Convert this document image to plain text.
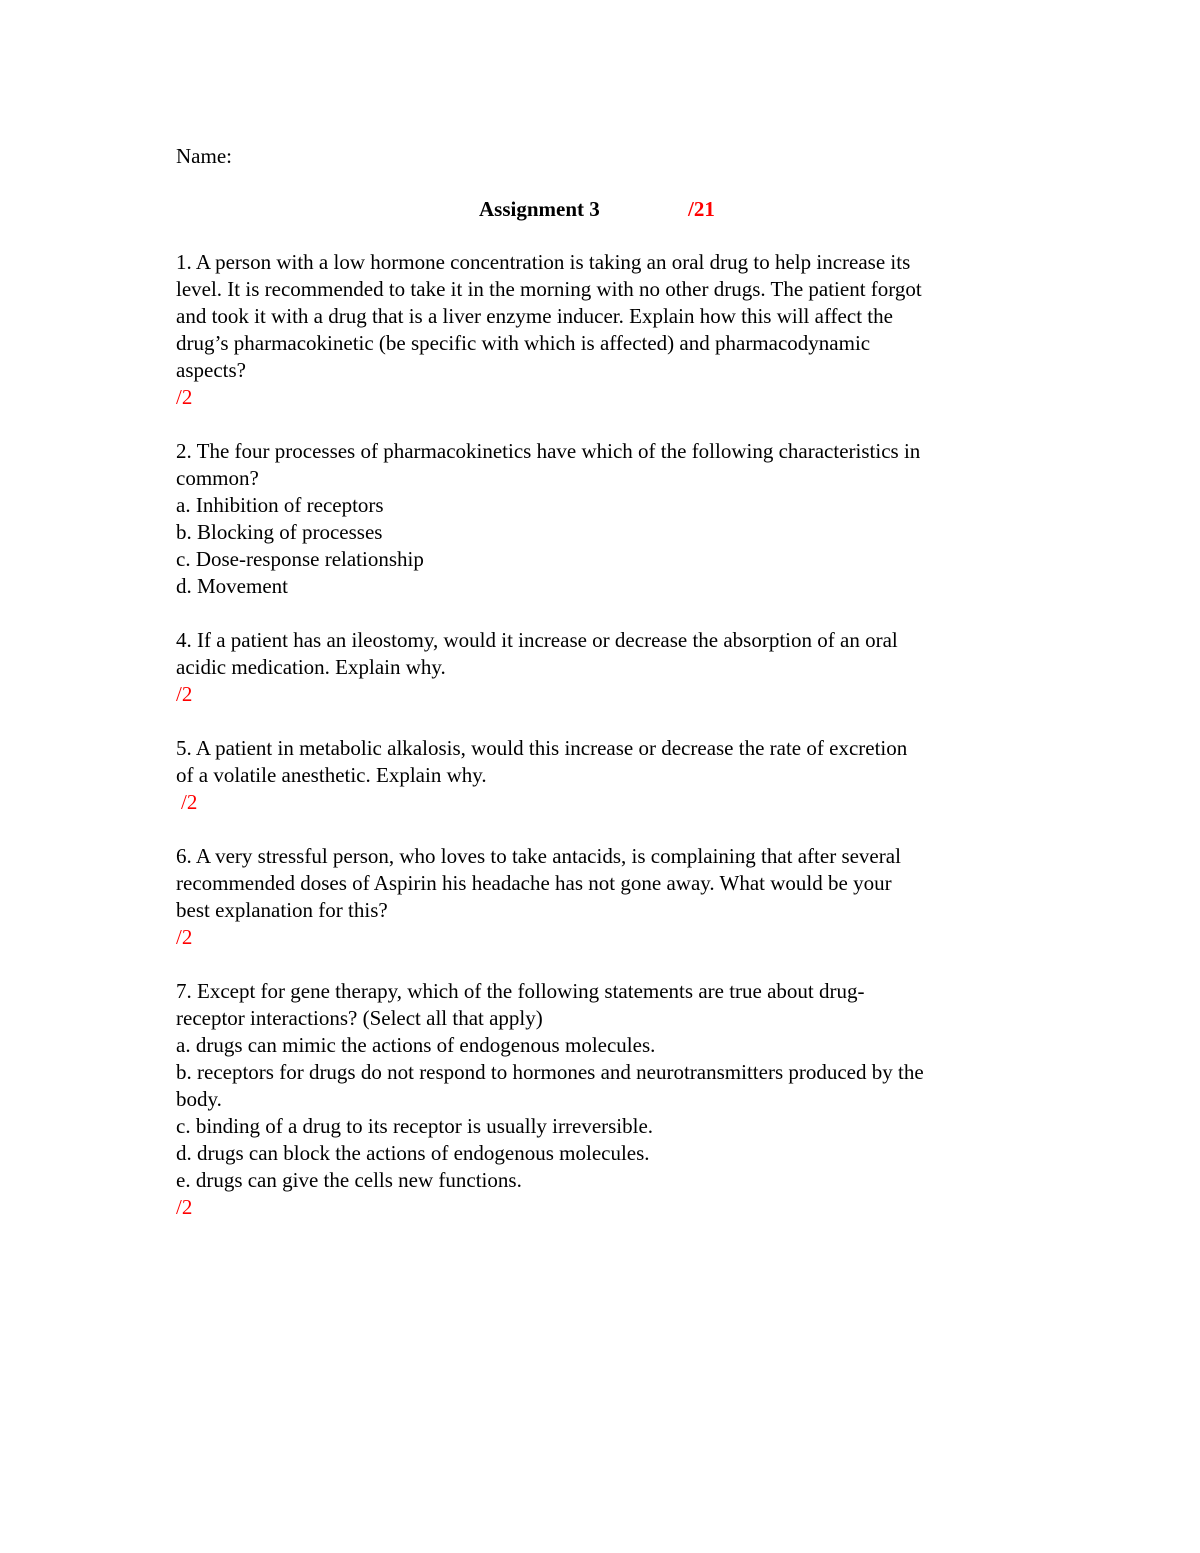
Name:
Assignment 3	/21
1. A person with a low hormone concentration is taking an oral drug to help increase its
level. It is recommended to take it in the morning with no other drugs. The patient forgot
and took it with a drug that is a liver enzyme inducer. Explain how this will affect the
drug’s pharmacokinetic (be specific with which is affected) and pharmacodynamic
aspects?
/2
2. The four processes of pharmacokinetics have which of the following characteristics in
common?
a. Inhibition of receptors
b. Blocking of processes
c. Dose-response relationship
d. Movement
4. If a patient has an ileostomy, would it increase or decrease the absorption of an oral
acidic medication. Explain why.
/2
5. A patient in metabolic alkalosis, would this increase or decrease the rate of excretion
of a volatile anesthetic. Explain why.
/2
6. A very stressful person, who loves to take antacids, is complaining that after several
recommended doses of Aspirin his headache has not gone away. What would be your
best explanation for this?
/2
7. Except for gene therapy, which of the following statements are true about drug-
receptor interactions? (Select all that apply)
a. drugs can mimic the actions of endogenous molecules.
b. receptors for drugs do not respond to hormones and neurotransmitters produced by the
body.
c. binding of a drug to its receptor is usually irreversible.
d. drugs can block the actions of endogenous molecules.
e. drugs can give the cells new functions.
/2
